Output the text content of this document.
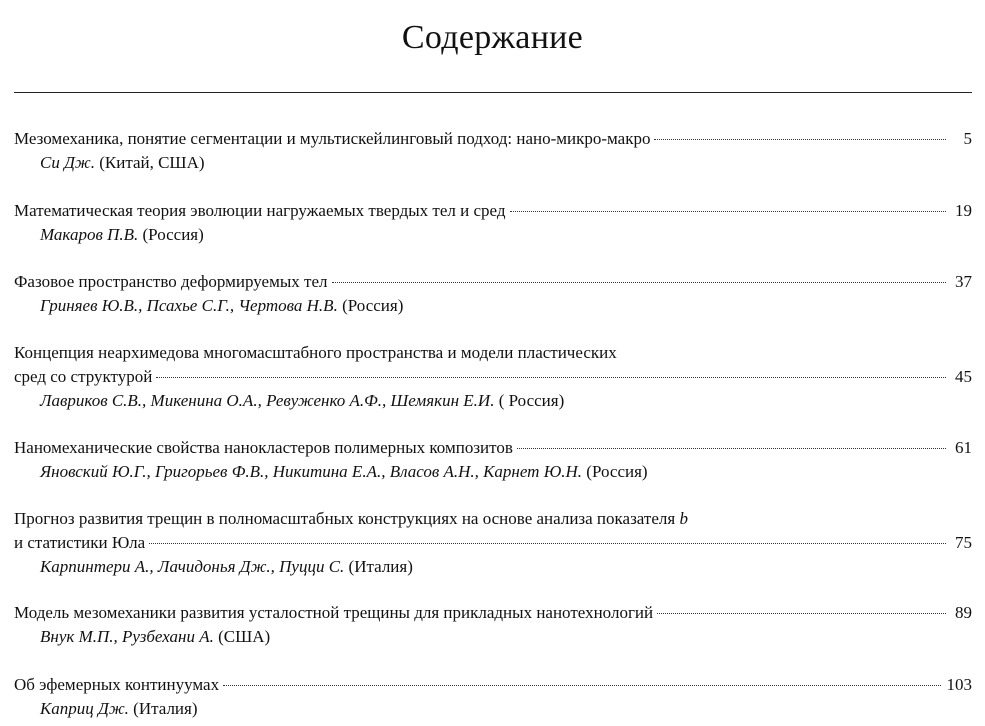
Содержание
Мезомеханика, понятие сегментации и мультискейлинговый подход: нано-микро-макро	5
Си Дж. (Китай, США)
Математическая теория эволюции нагружаемых твердых тел и сред	19
Макаров П.В. (Россия)
Фазовое пространство деформируемых тел	37
Гриняев Ю.В., Псахье С.Г., Чертова Н.В. (Россия)
Концепция неархимедова многомасштабного пространства и модели пластических
сред со структурой	45
Лавриков С.В., Микенина О.А., Ревуженко А.Ф., Шемякин Е.И. ( Россия)
Наномеханические свойства нанокластеров полимерных композитов	61
Яновский Ю.Г., Григорьев Ф.В., Никитина Е.А., Власов А.Н., Карнет Ю.Н. (Россия)
Прогноз развития трещин в полномасштабных конструкциях на основе анализа показателя b
и статистики Юла	75
Карпинтери А., Лачидонья Дж., Пуцци С. (Италия)
Модель мезомеханики развития усталостной трещины для прикладных нанотехнологий	89
Внук М.П., Рузбехани А. (США)
Об эфемерных континуумах	103
Каприц Дж. (Италия)
